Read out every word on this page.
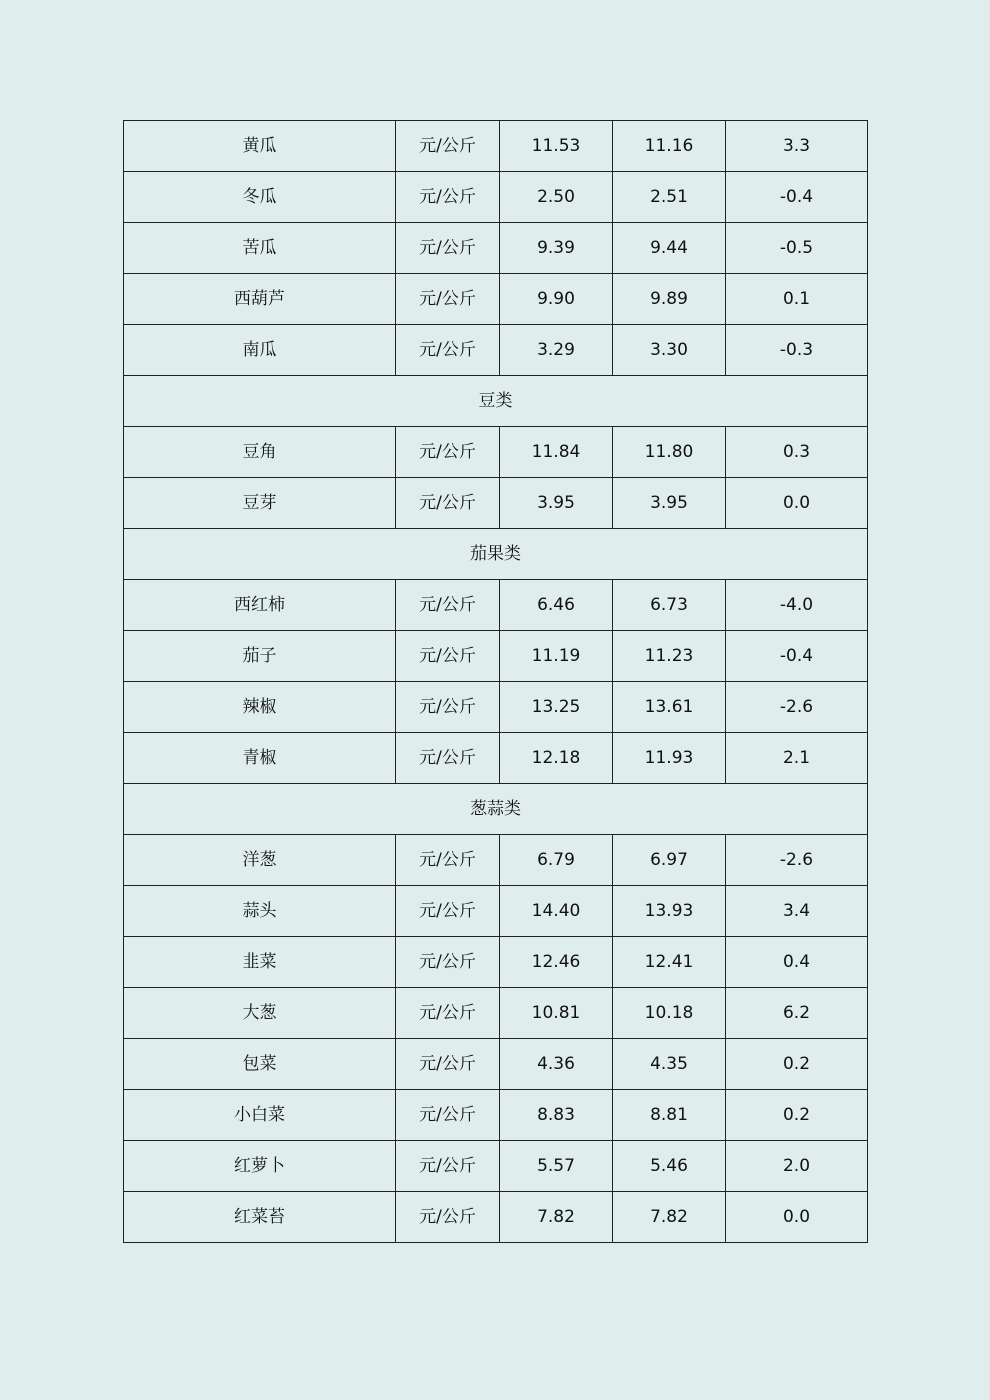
黄瓜	元/公斤	11.53	11.16	3.3
冬瓜	元/公斤	2.50	2.51	-0.4
苦瓜	元/公斤	9.39	9.44	-0.5
西葫芦	元/公斤	9.90	9.89	0.1
南瓜	元/公斤	3.29	3.30	-0.3
豆类				
豆角	元/公斤	11.84	11.80	0.3
豆芽	元/公斤	3.95	3.95	0.0
茄果类				
西红柿	元/公斤	6.46	6.73	-4.0
茄子	元/公斤	11.19	11.23	-0.4
辣椒	元/公斤	13.25	13.61	-2.6
青椒	元/公斤	12.18	11.93	2.1
葱蒜类				
洋葱	元/公斤	6.79	6.97	-2.6
蒜头	元/公斤	14.40	13.93	3.4
韭菜	元/公斤	12.46	12.41	0.4
大葱	元/公斤	10.81	10.18	6.2
包菜	元/公斤	4.36	4.35	0.2
小白菜	元/公斤	8.83	8.81	0.2
红萝卜	元/公斤	5.57	5.46	2.0
红菜苔	元/公斤	7.82	7.82	0.0
